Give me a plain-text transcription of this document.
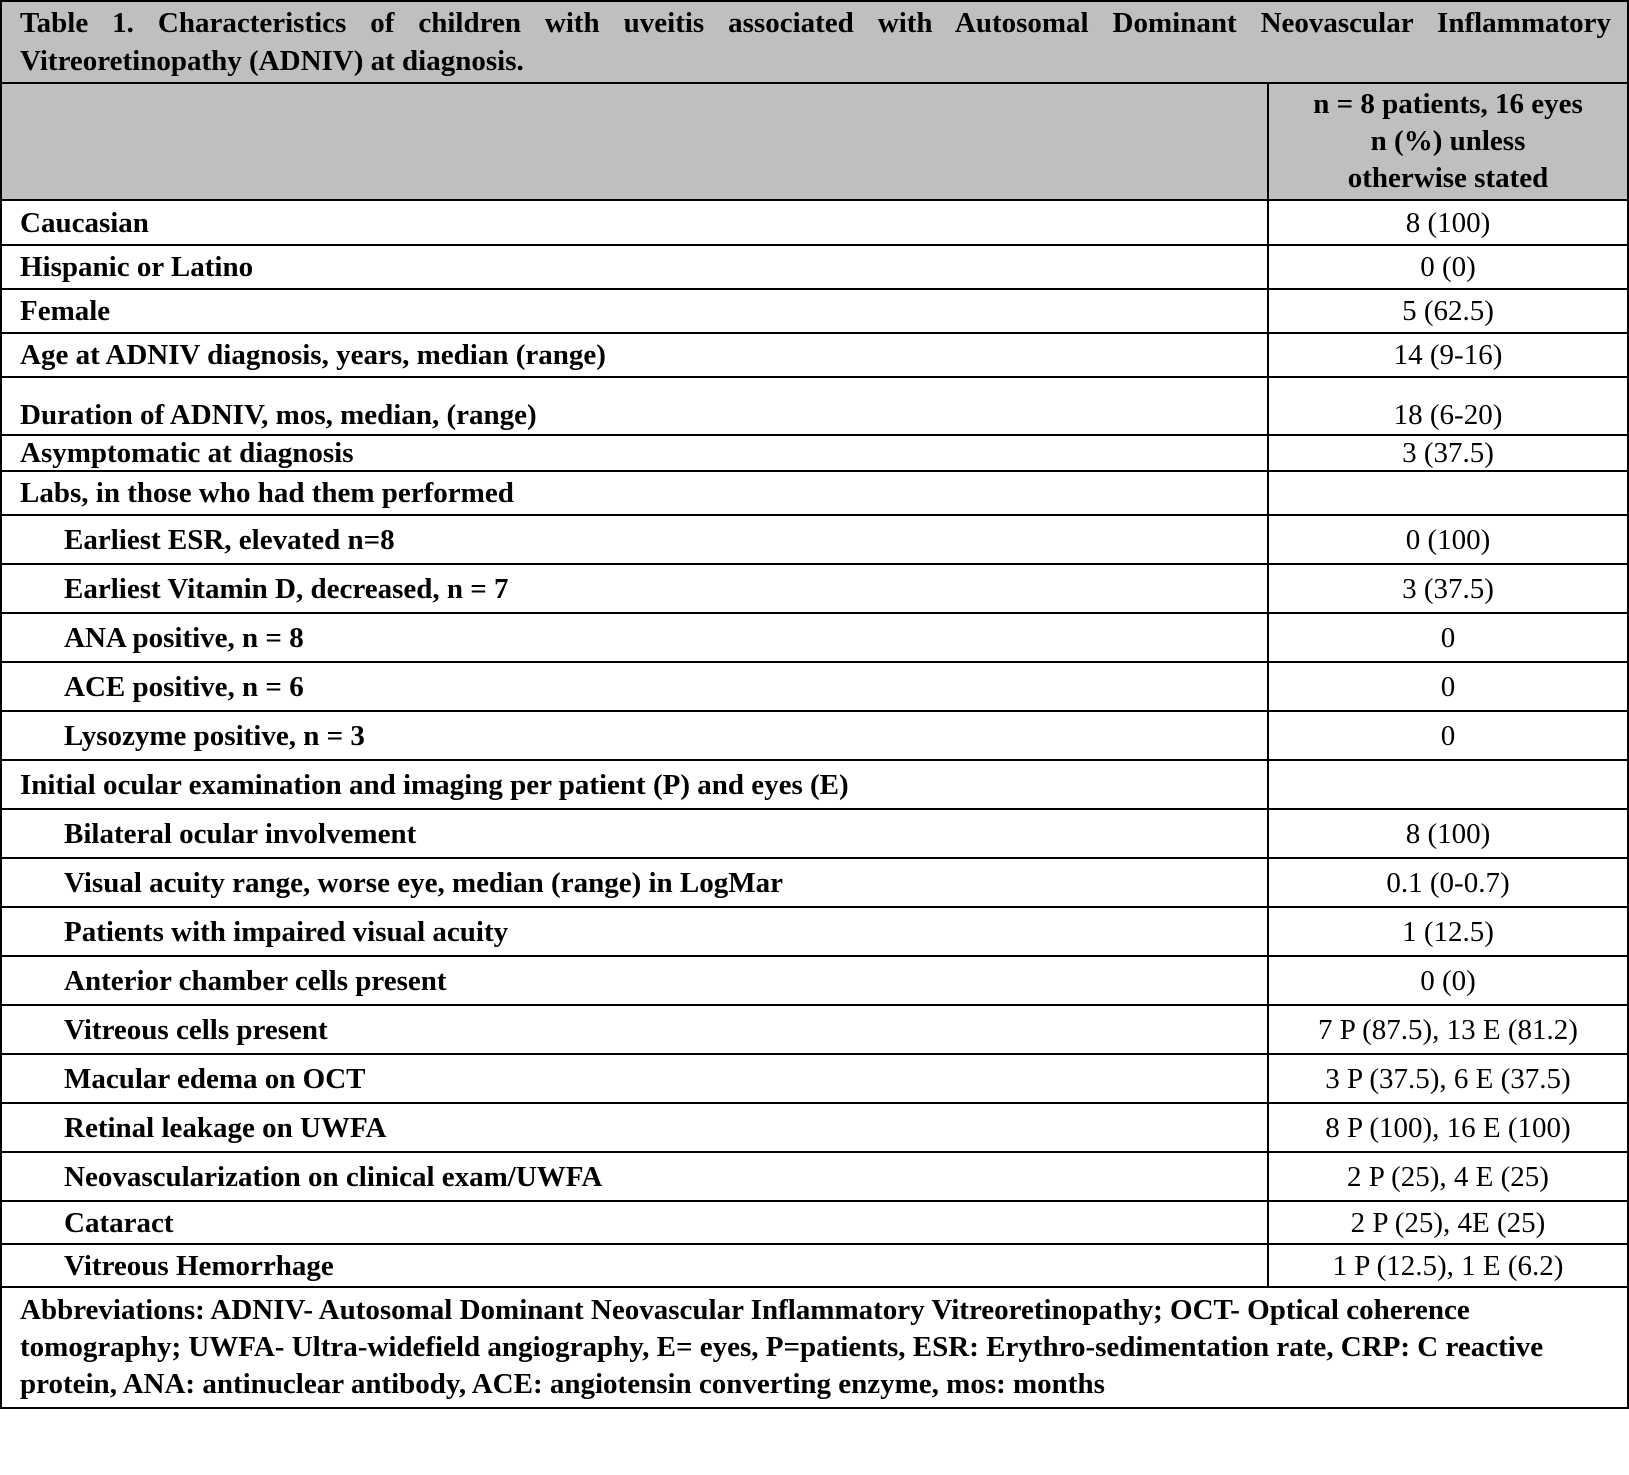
Table 1. Characteristics of children with uveitis associated with Autosomal Dominant Neovascular Inflammatory Vitreoretinopathy (ADNIV) at diagnosis.	

	n = 8 patients, 16 eyes
n (%) unless
otherwise stated

Caucasian	8 (100)
Hispanic or Latino	0 (0)
Female	5 (62.5)
Age at ADNIV diagnosis, years, median (range)	14 (9-16)
Duration of ADNIV, mos, median, (range)	18 (6-20)
Asymptomatic at diagnosis	3 (37.5)
Labs, in those who had them performed	
Earliest ESR, elevated n=8	0 (100)
Earliest Vitamin D, decreased, n = 7	3 (37.5)
ANA positive, n = 8	0
ACE positive, n = 6	0
Lysozyme positive, n = 3	0
Initial ocular examination and imaging per patient (P) and eyes (E)	
Bilateral ocular involvement	8 (100)
Visual acuity range, worse eye, median (range) in LogMar	0.1 (0-0.7)
Patients with impaired visual acuity	1 (12.5)
Anterior chamber cells present	0 (0)
Vitreous cells present	7 P (87.5), 13 E (81.2)
Macular edema on OCT	3 P (37.5), 6 E (37.5)
Retinal leakage on UWFA	8 P (100), 16 E (100)
Neovascularization on clinical exam/UWFA	2 P (25), 4 E (25)
Cataract	2 P (25), 4E (25)
Vitreous Hemorrhage	1 P (12.5), 1 E (6.2)
Abbreviations: ADNIV- Autosomal Dominant Neovascular Inflammatory Vitreoretinopathy; OCT- Optical coherence tomography; UWFA- Ultra-widefield angiography, E= eyes, P=patients, ESR: Erythro-sedimentation rate, CRP: C reactive protein, ANA: antinuclear antibody, ACE: angiotensin converting enzyme, mos: months	
